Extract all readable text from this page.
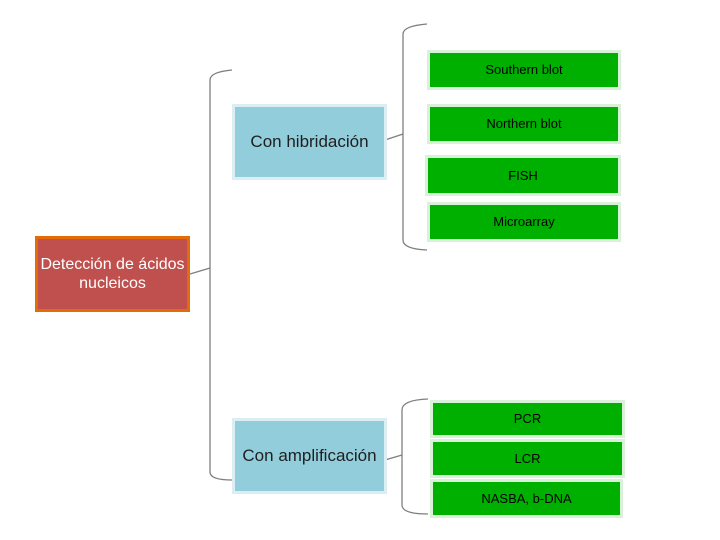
Detección de ácidos nucleicos
Con hibridación
Con amplificación
Southern blot
Northern blot
FISH
Microarray
PCR
LCR
NASBA, b-DNA
